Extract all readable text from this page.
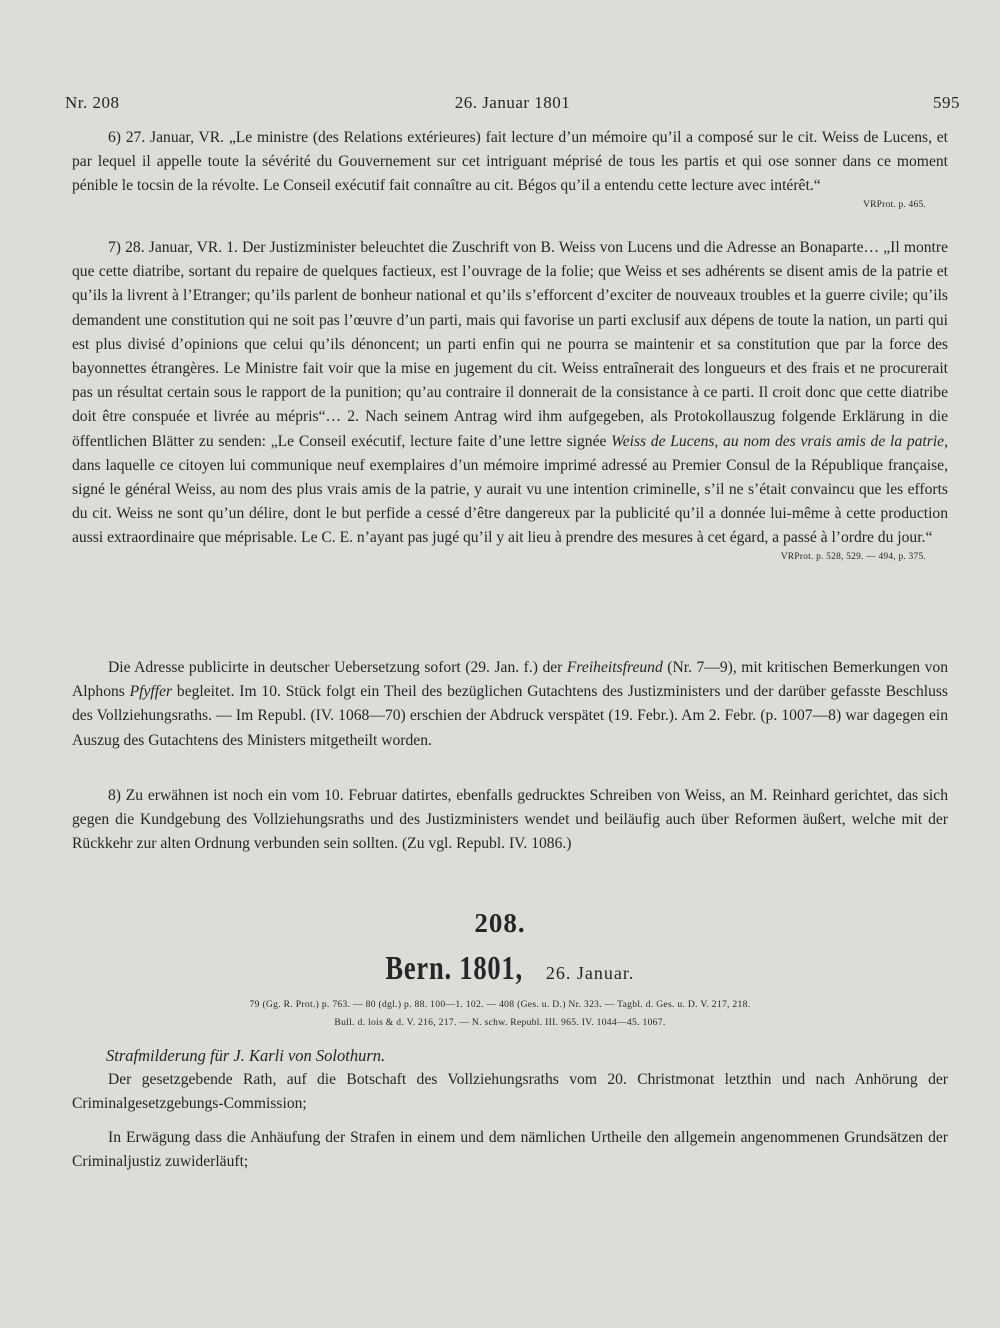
Nr. 208	26. Januar 1801	595

6) 27. Januar, VR. „Le ministre (des Relations extérieures) fait lecture d’un mémoire qu’il a composé sur le cit. Weiss de Lucens, et par lequel il appelle toute la sévérité du Gouvernement sur cet intriguant méprisé de tous les partis et qui ose sonner dans ce moment pénible le tocsin de la révolte. Le Conseil exécutif fait connaître au cit. Bégos qu’il a entendu cette lecture avec intérêt.“
VRProt. p. 465.

7) 28. Januar, VR. 1. Der Justizminister beleuchtet die Zuschrift von B. Weiss von Lucens und die Adresse an Bonaparte… „Il montre que cette diatribe, sortant du repaire de quelques factieux, est l’ouvrage de la folie; que Weiss et ses adhérents se disent amis de la patrie et qu’ils la livrent à l’Etranger; qu’ils parlent de bonheur national et qu’ils s’efforcent d’exciter de nouveaux troubles et la guerre civile; qu’ils demandent une constitution qui ne soit pas l’œuvre d’un parti, mais qui favorise un parti exclusif aux dépens de toute la nation, un parti qui est plus divisé d’opinions que celui qu’ils dénoncent; un parti enfin qui ne pourra se maintenir et sa constitution que par la force des bayonnettes étrangères. Le Ministre fait voir que la mise en jugement du cit. Weiss entraînerait des longueurs et des frais et ne procurerait pas un résultat certain sous le rapport de la punition; qu’au contraire il donnerait de la consistance à ce parti. Il croit donc que cette diatribe doit être conspuée et livrée au mépris“… 2. Nach seinem Antrag wird ihm aufgegeben, als Protokollauszug folgende Erklärung in die öffentlichen Blätter zu senden: „Le Conseil exécutif, lecture faite d’une lettre signée Weiss de Lucens, au nom des vrais amis de la patrie, dans laquelle ce citoyen lui communique neuf exemplaires d’un mémoire imprimé adressé au Premier Consul de la République française, signé le général Weiss, au nom des plus vrais amis de la patrie, y aurait vu une intention criminelle, s’il ne s’était convaincu que les efforts du cit. Weiss ne sont qu’un délire, dont le but perfide a cessé d’être dangereux par la publicité qu’il a donnée lui-même à cette production aussi extraordinaire que méprisable. Le C. E. n’ayant pas jugé qu’il y ait lieu à prendre des mesures à cet égard, a passé à l’ordre du jour.“
VRProt. p. 528, 529. — 494, p. 375.

Die Adresse publicirte in deutscher Uebersetzung sofort (29. Jan. f.) der Freiheitsfreund (Nr. 7—9), mit kritischen Bemerkungen von Alphons Pfyffer begleitet. Im 10. Stück folgt ein Theil des bezüglichen Gutachtens des Justizministers und der darüber gefasste Beschluss des Vollziehungsraths. — Im Republ. (IV. 1068—70) erschien der Abdruck verspätet (19. Febr.). Am 2. Febr. (p. 1007—8) war dagegen ein Auszug des Gutachtens des Ministers mitgetheilt worden.

8) Zu erwähnen ist noch ein vom 10. Februar datirtes, ebenfalls gedrucktes Schreiben von Weiss, an M. Reinhard gerichtet, das sich gegen die Kundgebung des Vollziehungsraths und des Justizministers wendet und beiläufig auch über Reformen äußert, welche mit der Rückkehr zur alten Ordnung verbunden sein sollten. (Zu vgl. Republ. IV. 1086.)

208.
Bern. 1801, 26. Januar.
79 (Gg. R. Prot.) p. 763. — 80 (dgl.) p. 88. 100—1. 102. — 408 (Ges. u. D.) Nr. 323. — Tagbl. d. Ges. u. D. V. 217, 218.
Bull. d. lois & d. V. 216, 217. — N. schw. Republ. III. 965. IV. 1044—45. 1067.
Strafmilderung für J. Karli von Solothurn.

Der gesetzgebende Rath, auf die Botschaft des Vollziehungsraths vom 20. Christmonat letzthin und nach Anhörung der Criminalgesetzgebungs-Commission;

In Erwägung dass die Anhäufung der Strafen in einem und dem nämlichen Urtheile den allgemein angenommenen Grundsätzen der Criminaljustiz zuwiderläuft;
